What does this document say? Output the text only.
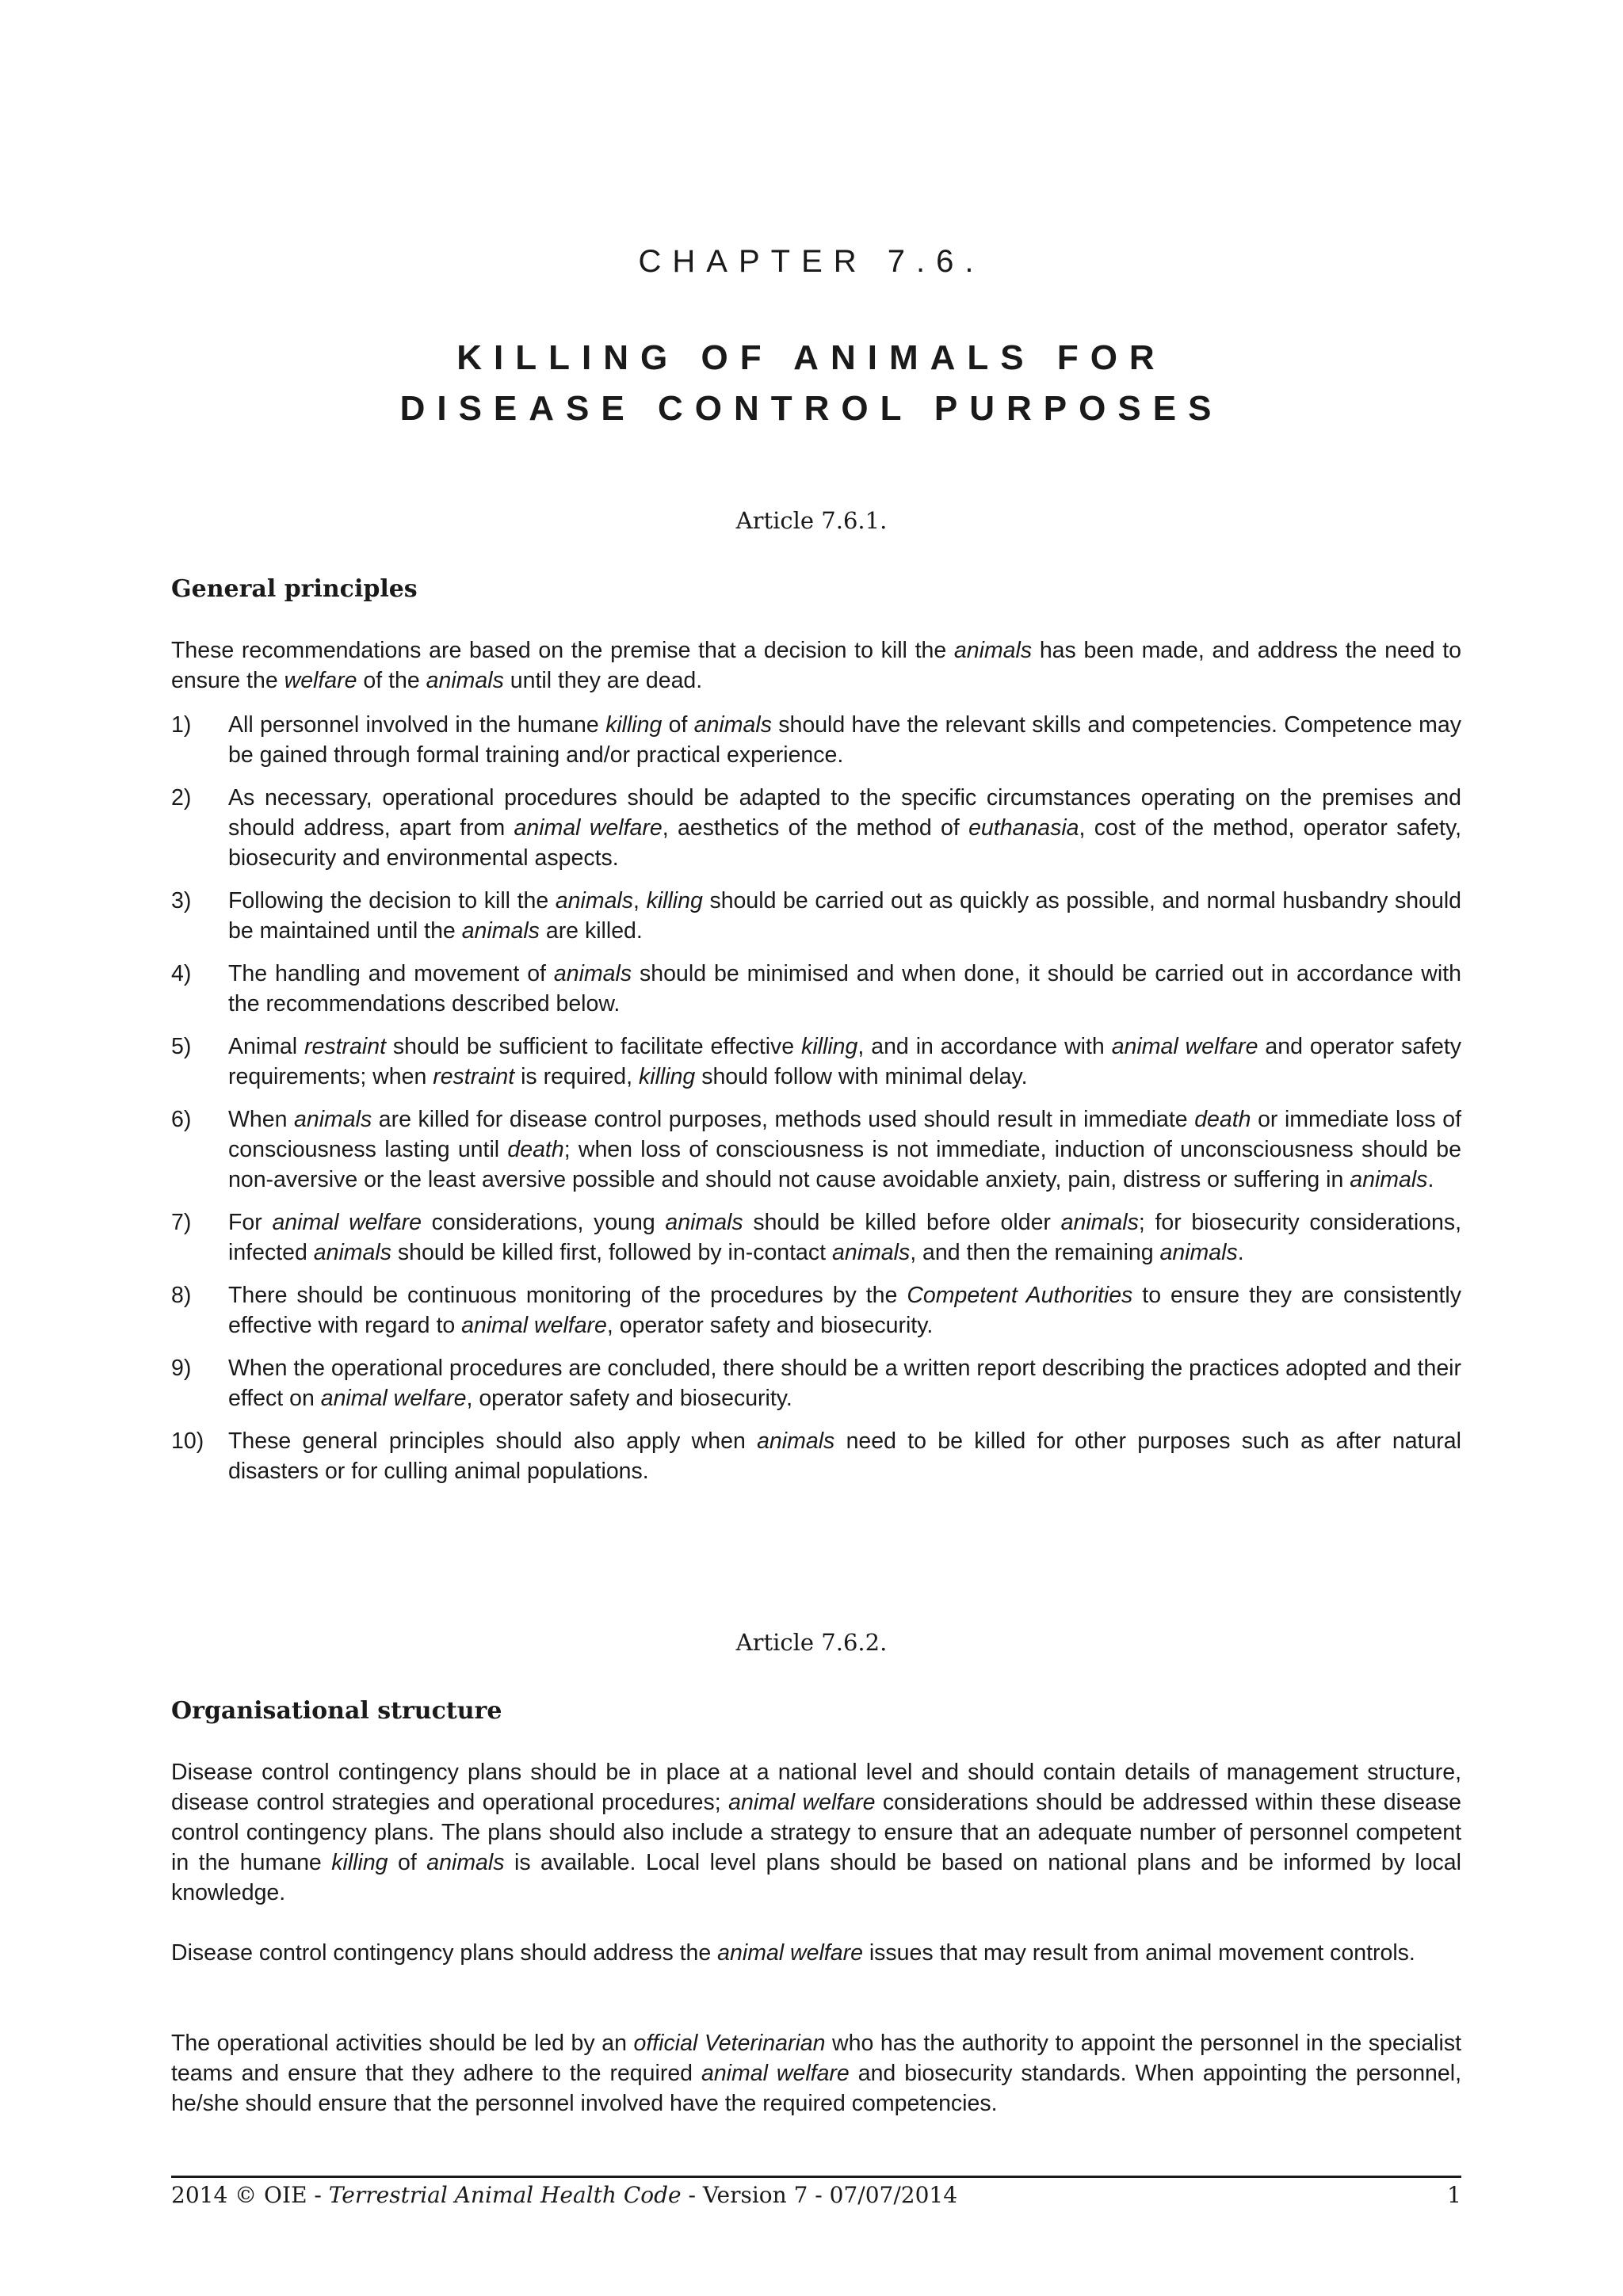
CHAPTER 7.6.
KILLING OF ANIMALS FOR
DISEASE CONTROL PURPOSES
Article 7.6.1.
General principles
These recommendations are based on the premise that a decision to kill the animals has been made, and address the need to ensure the welfare of the animals until they are dead.
1) All personnel involved in the humane killing of animals should have the relevant skills and competencies. Competence may be gained through formal training and/or practical experience.
2) As necessary, operational procedures should be adapted to the specific circumstances operating on the premises and should address, apart from animal welfare, aesthetics of the method of euthanasia, cost of the method, operator safety, biosecurity and environmental aspects.
3) Following the decision to kill the animals, killing should be carried out as quickly as possible, and normal husbandry should be maintained until the animals are killed.
4) The handling and movement of animals should be minimised and when done, it should be carried out in accordance with the recommendations described below.
5) Animal restraint should be sufficient to facilitate effective killing, and in accordance with animal welfare and operator safety requirements; when restraint is required, killing should follow with minimal delay.
6) When animals are killed for disease control purposes, methods used should result in immediate death or immediate loss of consciousness lasting until death; when loss of consciousness is not immediate, induction of unconsciousness should be non-aversive or the least aversive possible and should not cause avoidable anxiety, pain, distress or suffering in animals.
7) For animal welfare considerations, young animals should be killed before older animals; for biosecurity considerations, infected animals should be killed first, followed by in-contact animals, and then the remaining animals.
8) There should be continuous monitoring of the procedures by the Competent Authorities to ensure they are consistently effective with regard to animal welfare, operator safety and biosecurity.
9) When the operational procedures are concluded, there should be a written report describing the practices adopted and their effect on animal welfare, operator safety and biosecurity.
10) These general principles should also apply when animals need to be killed for other purposes such as after natural disasters or for culling animal populations.
Article 7.6.2.
Organisational structure
Disease control contingency plans should be in place at a national level and should contain details of management structure, disease control strategies and operational procedures; animal welfare considerations should be addressed within these disease control contingency plans. The plans should also include a strategy to ensure that an adequate number of personnel competent in the humane killing of animals is available. Local level plans should be based on national plans and be informed by local knowledge.
Disease control contingency plans should address the animal welfare issues that may result from animal movement controls.
The operational activities should be led by an official Veterinarian who has the authority to appoint the personnel in the specialist teams and ensure that they adhere to the required animal welfare and biosecurity standards. When appointing the personnel, he/she should ensure that the personnel involved have the required competencies.
2014 © OIE - Terrestrial Animal Health Code - Version 7 - 07/07/2014	1
